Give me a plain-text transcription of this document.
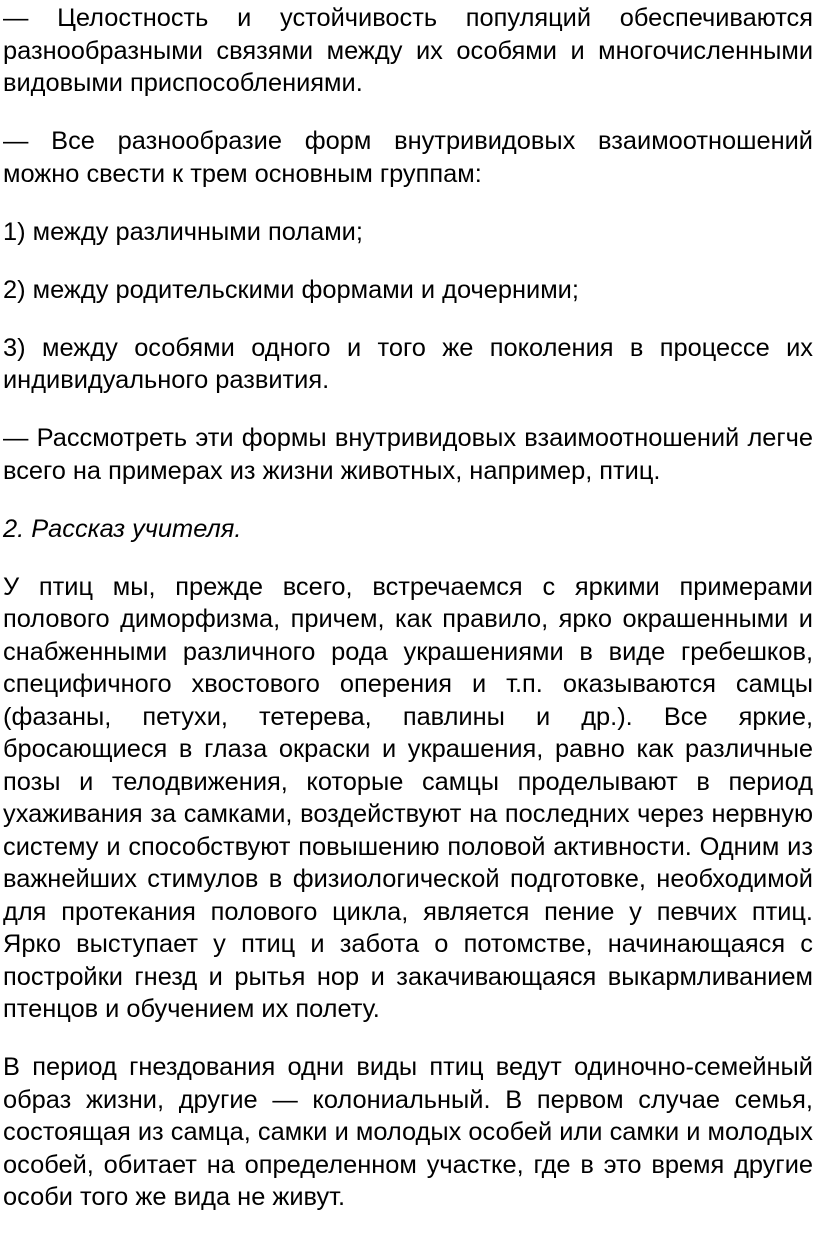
— Целостность и устойчивость популяций обеспечиваются разнообразными связями между их особями и многочисленными видовыми приспособлениями.

— Все разнообразие форм внутривидовых взаимоотношений можно свести к трем основным группам:

1) между различными полами;

2) между родительскими формами и дочерними;

3) между особями одного и того же поколения в процессе их индивидуального развития.

— Рассмотреть эти формы внутривидовых взаимоотношений легче всего на примерах из жизни животных, например, птиц.

2. Рассказ учителя.

У птиц мы, прежде всего, встречаемся с яркими примерами полового диморфизма, причем, как правило, ярко окрашенными и снабженными различного рода украшениями в виде гребешков, специфичного хвостового оперения и т.п. оказываются самцы (фазаны, петухи, тетерева, павлины и др.). Все яркие, бросающиеся в глаза окраски и украшения, равно как различные позы и телодвижения, которые самцы проделывают в период ухаживания за самками, воздействуют на последних через нервную систему и способствуют повышению половой активности. Одним из важнейших стимулов в физиологической подготовке, необходимой для протекания полового цикла, является пение у певчих птиц. Ярко выступает у птиц и забота о потомстве, начинающаяся с постройки гнезд и рытья нор и закачивающаяся выкармливанием птенцов и обучением их полету.

В период гнездования одни виды птиц ведут одиночно-семейный образ жизни, другие — колониальный. В первом случае семья, состоящая из самца, самки и молодых особей или самки и молодых особей, обитает на определенном участке, где в это время другие особи того же вида не живут.
